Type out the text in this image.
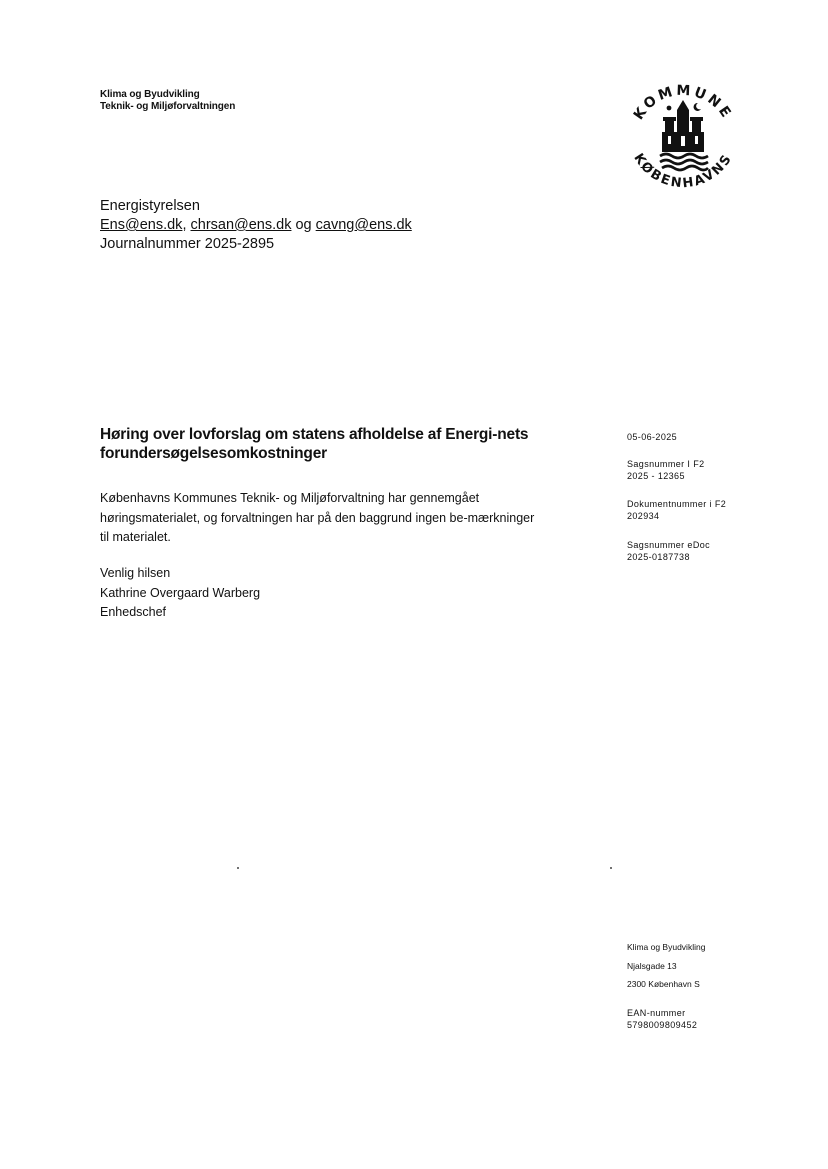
Klima og Byudvikling
Teknik- og Miljøforvaltningen	KOMMUNE
KØBENHAVNS
Energistyrelsen
Ens@ens.dk, chrsan@ens.dk og cavng@ens.dk
Journalnummer 2025-2895
Høring over lovforslag om statens afholdelse af Energi-nets forundersøgelsesomkostninger
Københavns Kommunes Teknik- og Miljøforvaltning har gennemgået høringsmaterialet, og forvaltningen har på den baggrund ingen be-mærkninger til materialet.
Venlig hilsen
Kathrine Overgaard Warberg
Enhedschef
05-06-2025
Sagsnummer I F2
2025 - 12365
Dokumentnummer i F2
202934
Sagsnummer eDoc
2025-0187738
Klima og Byudvikling
Njalsgade 13
2300 København S
EAN-nummer
5798009809452
